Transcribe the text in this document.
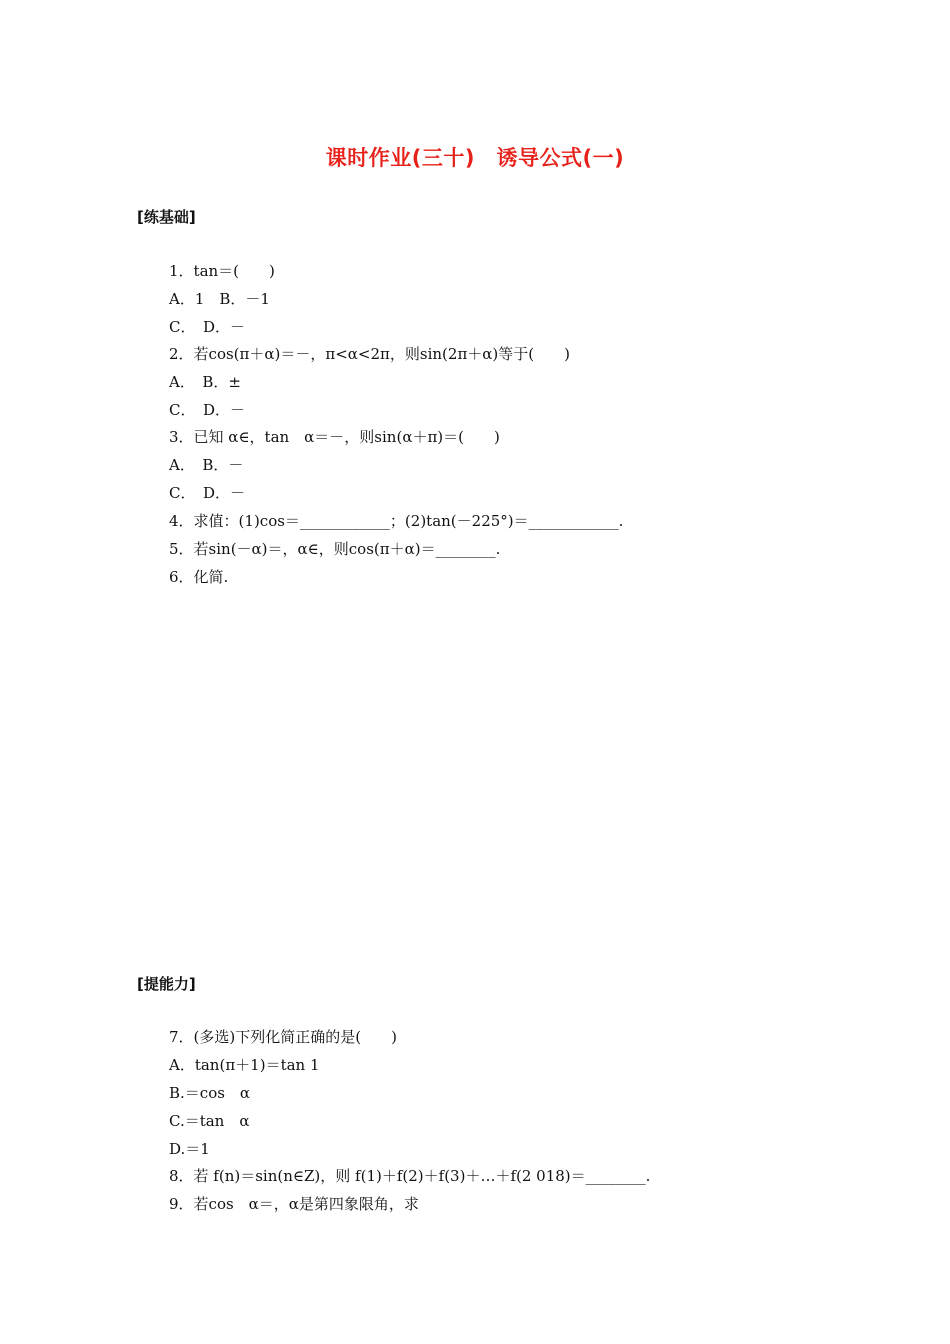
课时作业(三十)　诱导公式(一)
[练基础]
1．tan＝(　　)
A．1　B．－1
C．　D．－
2．若cos(π＋α)＝－，π<α<2π，则sin(2π＋α)等于(　　)
A．　B．±
C．　D．－
3．已知 α∈，tan　α＝－，则sin(α＋π)＝(　　)
A．　B．－
C．　D．－
4．求值：(1)cos＝____________；(2)tan(－225°)＝____________.
5．若sin(－α)＝，α∈，则cos(π＋α)＝________.
6．化简.
[提能力]
7．(多选)下列化简正确的是(　　)
A．tan(π＋1)＝tan 1
B.＝cos　α
C.＝tan　α
D.＝1
8．若 f(n)＝sin(n∈Z)，则 f(1)＋f(2)＋f(3)＋…＋f(2 018)＝________.
9．若cos　α＝，α是第四象限角，求
